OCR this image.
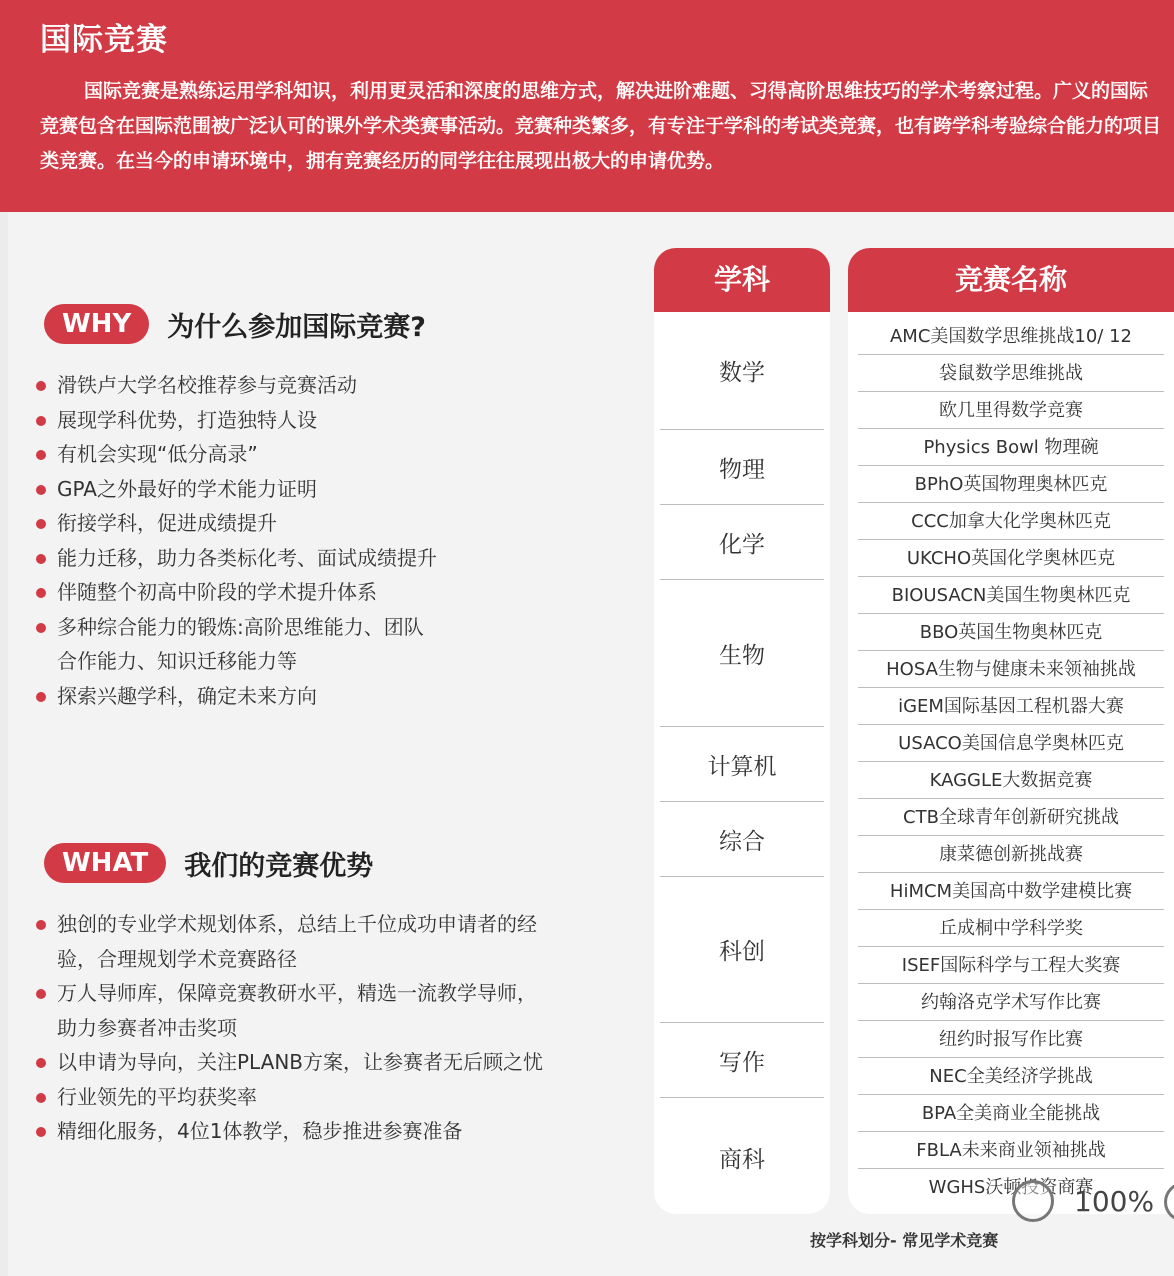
国际竞赛

国际竞赛是熟练运用学科知识，利用更灵活和深度的思维方式，解决进阶难题、习得高阶思维技巧的学术考察过程。广义的国际竞赛包含在国际范围被广泛认可的课外学术类赛事活动。竞赛种类繁多，有专注于学科的考试类竞赛，也有跨学科考验综合能力的项目类竞赛。在当今的申请环境中，拥有竞赛经历的同学往往展现出极大的申请优势。

WHY	为什么参加国际竞赛?
滑铁卢大学名校推荐参与竞赛活动
展现学科优势，打造独特人设
有机会实现“低分高录”
GPA之外最好的学术能力证明
衔接学科，促进成绩提升
能力迁移，助力各类标化考、面试成绩提升
伴随整个初高中阶段的学术提升体系
多种综合能力的锻炼:高阶思维能力、团队合作能力、知识迁移能力等
探索兴趣学科，确定未来方向
WHAT	我们的竞赛优势
独创的专业学术规划体系，总结上千位成功申请者的经验，合理规划学术竞赛路径
万人导师库，保障竞赛教研水平，精选一流教学导师，助力参赛者冲击奖项
以申请为导向，关注PLANB方案，让参赛者无后顾之忧
行业领先的平均获奖率
精细化服务，4位1体教学，稳步推进参赛准备
学科
数学
物理
化学
生物
计算机
综合
科创
写作
商科
竞赛名称
AMC美国数学思维挑战10/ 12
袋鼠数学思维挑战
欧几里得数学竞赛
Physics Bowl 物理碗
BPhO英国物理奥林匹克
CCC加拿大化学奥林匹克
UKCHO英国化学奥林匹克
BIOUSACN美国生物奥林匹克
BBO英国生物奥林匹克
HOSA生物与健康未来领袖挑战
iGEM国际基因工程机器大赛
USACO美国信息学奥林匹克
KAGGLE大数据竞赛
CTB全球青年创新研究挑战
康菜德创新挑战赛
HiMCM美国高中数学建模比赛
丘成桐中学科学奖
ISEF国际科学与工程大奖赛
约翰洛克学术写作比赛
纽约时报写作比赛
NEC全美经济学挑战
BPA全美商业全能挑战
FBLA未来商业领袖挑战
WGHS沃顿投资商赛
按学科划分- 常见学术竞赛
100%
